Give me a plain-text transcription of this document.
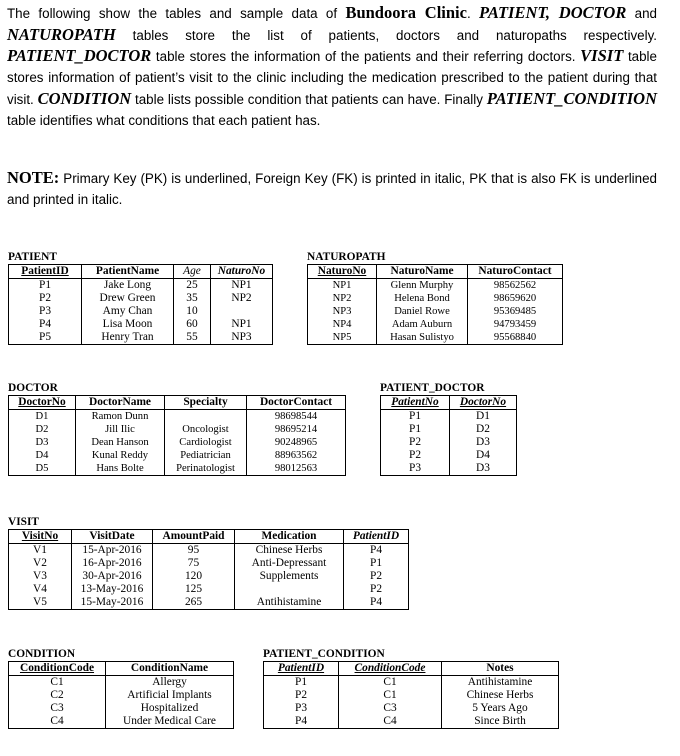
The following show the tables and sample data of Bundoora Clinic. PATIENT, DOCTOR and NATUROPATH tables store the list of patients, doctors and naturopaths respectively. PATIENT_DOCTOR table stores the information of the patients and their referring doctors. VISIT table stores information of patient’s visit to the clinic including the medication prescribed to the patient during that visit. CONDITION table lists possible condition that patients can have. Finally PATIENT_CONDITION table identifies what conditions that each patient has.
NOTE: Primary Key (PK) is underlined, Foreign Key (FK) is printed in italic, PK that is also FK is underlined and printed in italic.
PATIENT
PatientID	PatientName	Age	NaturoNo
P1	Jake Long	25	NP1
P2	Drew Green	35	NP2
P3	Amy Chan	10	
P4	Lisa Moon	60	NP1
P5	Henry Tran	55	NP3
NATUROPATH
NaturoNo	NaturoName	NaturoContact
NP1	Glenn Murphy	98562562
NP2	Helena Bond	98659620
NP3	Daniel Rowe	95369485
NP4	Adam Auburn	94793459
NP5	Hasan Sulistyo	95568840
DOCTOR
DoctorNo	DoctorName	Specialty	DoctorContact
D1	Ramon Dunn		98698544
D2	Jill Ilic	Oncologist	98695214
D3	Dean Hanson	Cardiologist	90248965
D4	Kunal Reddy	Pediatrician	88963562
D5	Hans Bolte	Perinatologist	98012563
PATIENT_DOCTOR
PatientNo	DoctorNo
P1	D1
P1	D2
P2	D3
P2	D4
P3	D3
VISIT
VisitNo	VisitDate	AmountPaid	Medication	PatientID
V1	15-Apr-2016	95	Chinese Herbs	P4
V2	16-Apr-2016	75	Anti-Depressant	P1
V3	30-Apr-2016	120	Supplements	P2
V4	13-May-2016	125		P2
V5	15-May-2016	265	Antihistamine	P4
CONDITION
ConditionCode	ConditionName
C1	Allergy
C2	Artificial Implants
C3	Hospitalized
C4	Under Medical Care
PATIENT_CONDITION
PatientID	ConditionCode	Notes
P1	C1	Antihistamine
P2	C1	Chinese Herbs
P3	C3	5 Years Ago
P4	C4	Since Birth
